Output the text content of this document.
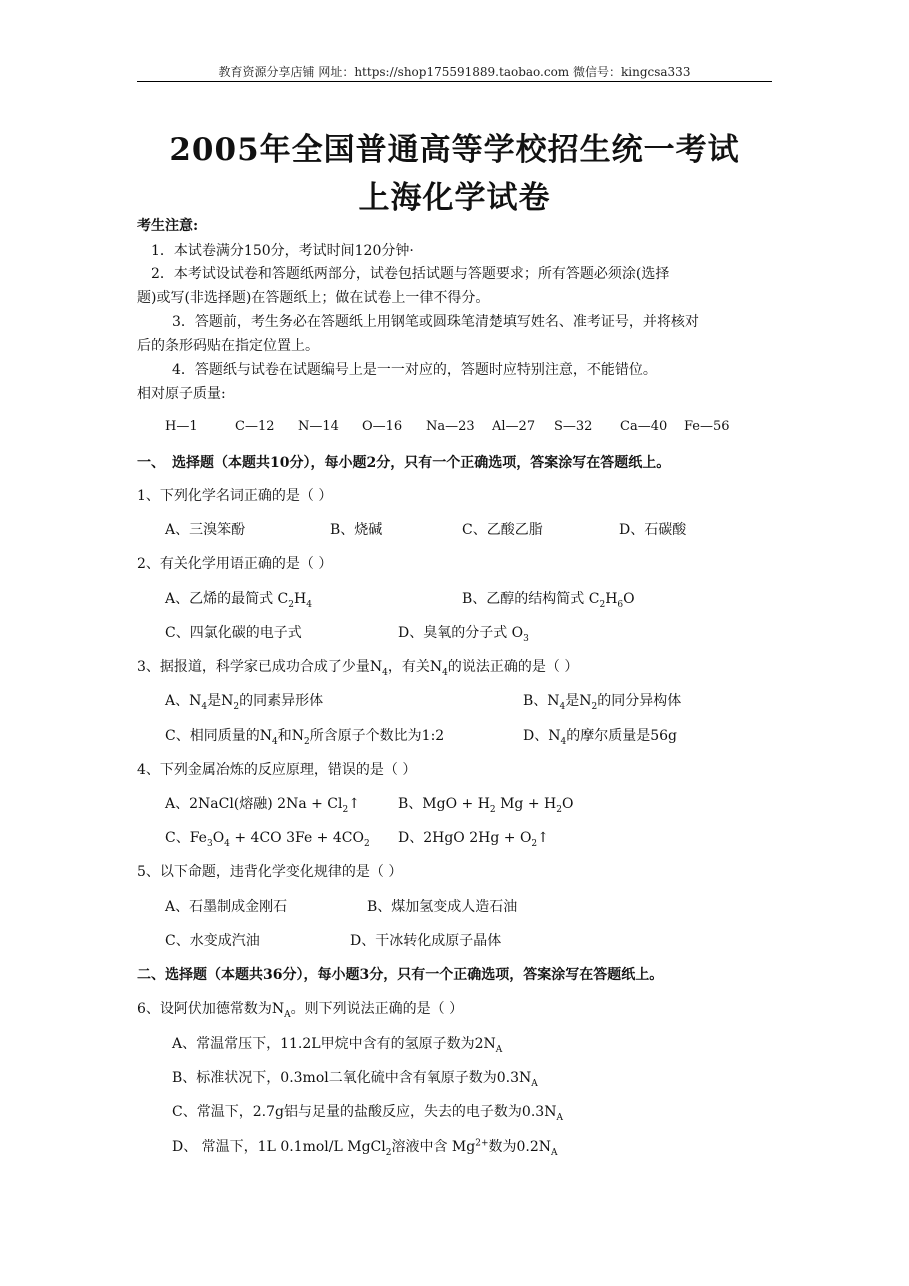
教育资源分享店铺 网址：https://shop175591889.taobao.com 微信号：kingcsa333
2005年全国普通高等学校招生统一考试
上海化学试卷
考生注意:
1．本试卷满分150分，考试时间120分钟·
2．本考试设试卷和答题纸两部分，试卷包括试题与答题要求；所有答题必须涂(选择
题)或写(非选择题)在答题纸上；做在试卷上一律不得分。
3．答题前，考生务必在答题纸上用钢笔或圆珠笔清楚填写姓名、准考证号，并将核对
后的条形码贴在指定位置上。
4．答题纸与试卷在试题编号上是一一对应的，答题时应特别注意，不能错位。
相对原子质量:
H—1	C—12 N—14 O—16 Na—23 Al—27 S—32 Ca—40 Fe—56
一、　选择题（本题共10分），每小题2分，只有一个正确选项，答案涂写在答题纸上。
1、下列化学名词正确的是（ ）
A、三溴笨酚	B、烧碱	C、乙酸乙脂	D、石碳酸
2、有关化学用语正确的是（ ）
A、乙烯的最简式 $C_2H_4$	B、乙醇的结构简式 $C_2H_6O$
C、四氯化碳的电子式	D、臭氧的分子式 $O_3$
3、据报道，科学家已成功合成了少量$N_4$，有关$N_4$的说法正确的是（ ）
A、$N_4$是$N_2$的同素异形体	B、$N_4$是$N_2$的同分异构体
C、相同质量的$N_4$和$N_2$所含原子个数比为1:2	D、$N_4$的摩尔质量是56g
4、下列金属冶炼的反应原理，错误的是（ ）
A、2NaCl(熔融) $2Na + Cl_2↑$	B、MgO + $H_2$ $Mg + H_2O$
C、$Fe_3O_4 + 4CO$ $3Fe + 4CO_2$ D、2HgO $2Hg + O_2↑$
5、以下命题，违背化学变化规律的是（ ）
A、石墨制成金刚石	B、煤加氢变成人造石油
C、水变成汽油	D、干冰转化成原子晶体
二、选择题（本题共36分），每小题3分，只有一个正确选项，答案涂写在答题纸上。
6、设阿伏加德常数为$N_A$。则下列说法正确的是（ ）
A、常温常压下，11.2L甲烷中含有的氢原子数为$2N_A$
B、标准状况下，0.3mol二氧化硫中含有氧原子数为$0.3N_A$
C、常温下，2.7g铝与足量的盐酸反应，失去的电子数为$0.3N_A$
D、 常温下，1L 0.1mol/L MgCl$_2$溶液中含 $Mg^{2+}$数为$0.2N_A$
